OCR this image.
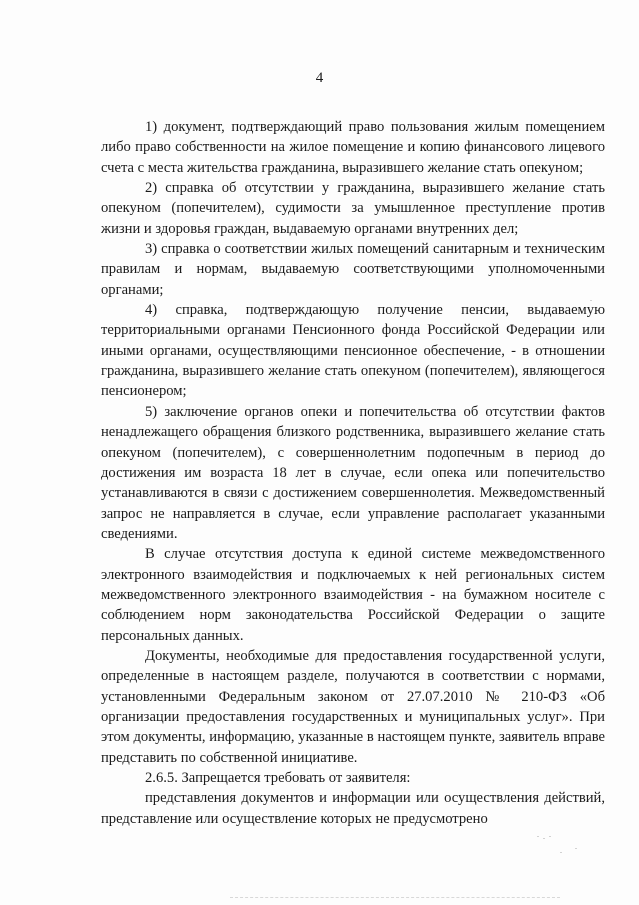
4

1) документ, подтверждающий право пользования жилым помещением либо право собственности на жилое помещение и копию финансового лицевого счета с места жительства гражданина, выразившего желание стать опекуном;

2) справка об отсутствии у гражданина, выразившего желание стать опекуном (попечителем), судимости за умышленное преступление против жизни и здоровья граждан, выдаваемую органами внутренних дел;

3) справка о соответствии жилых помещений санитарным и техническим правилам и нормам, выдаваемую соответствующими уполномоченными органами;

4) справка, подтверждающую получение пенсии, выдаваемую территориальными органами Пенсионного фонда Российской Федерации или иными органами, осуществляющими пенсионное обеспечение, - в отношении гражданина, выразившего желание стать опекуном (попечителем), являющегося пенсионером;

5) заключение органов опеки и попечительства об отсутствии фактов ненадлежащего обращения близкого родственника, выразившего желание стать опекуном (попечителем), с совершеннолетним подопечным в период до достижения им возраста 18 лет в случае, если опека или попечительство устанавливаются в связи с достижением совершеннолетия. Межведомственный запрос не направляется в случае, если управление располагает указанными сведениями.

В случае отсутствия доступа к единой системе межведомственного электронного взаимодействия и подключаемых к ней региональных систем межведомственного электронного взаимодействия - на бумажном носителе с соблюдением норм законодательства Российской Федерации о защите персональных данных.

Документы, необходимые для предоставления государственной услуги, определенные в настоящем разделе, получаются в соответствии с нормами, установленными Федеральным законом от 27.07.2010 № 210-ФЗ «Об организации предоставления государственных и муниципальных услуг». При этом документы, информацию, указанные в настоящем пункте, заявитель вправе представить по собственной инициативе.

2.6.5. Запрещается требовать от заявителя:

представления документов и информации или осуществления действий, представление или осуществление которых не предусмотрено
